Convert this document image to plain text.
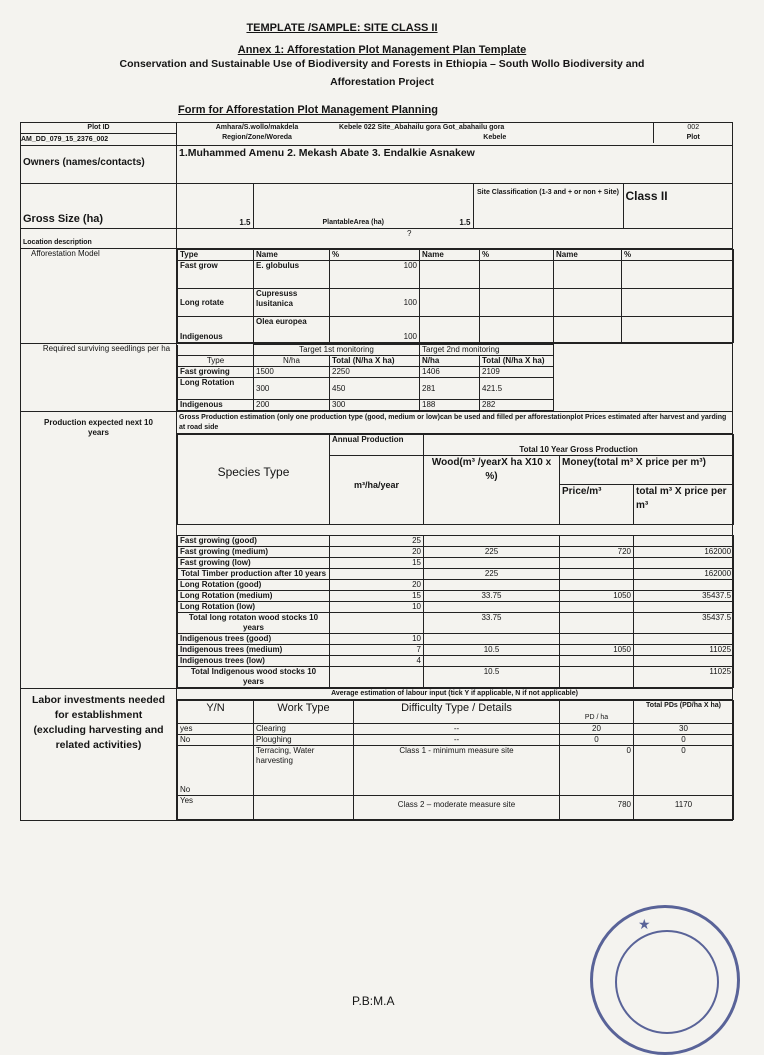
TEMPLATE /SAMPLE: SITE CLASS II
Annex 1: Afforestation Plot Management Plan Template
Conservation and Sustainable Use of Biodiversity and Forests in Ethiopia – South Wollo Biodiversity and
Afforestation Project
Form for Afforestation Plot Management Planning
Plot ID
AM_DD_079_15_2376_002

Amhara/S.wollo/makdela	Kebele 022 Site_Abahailu gora Got_abahailu gora	002
Region/Zone/Woreda	Kebele	Plot

Owners (names/contacts)	1.Muhammed Amenu 2. Mekash Abate 3. Endalkie Asnakew
Gross Size (ha)		1.5	PlantableArea (ha)	1.5	Site Classification (1-3 and + or non + Site)	Class II

Location description	?
Afforestation Model		Type	Name	%	Name	%	Name	%
Fast grow	E. globulus	100				
Long rotate	Cupresuss lusitanica	100				
Indigenous	Olea europea	100				

Required surviving seedlings per ha	
		Target 1st monitoring	Target 2nd monitoring	
Type	N/ha	Total (N/ha X ha)	N/ha	Total (N/ha X ha)
Fast growing	1500	2250	1406	2109
Long Rotation	300	450	281	421.5
Indigenous	200	300	188	282

Production expected next 10 years	
Gross Production estimation (only one production type (good, medium or low)can be used and filled per afforestationplot Prices estimated after harvest and yarding at road side
Species Type	Annual Production	Total 10 Year Gross Production
m³/ha/year	Wood(m³ /yearX ha X10 x %)	Money(total m³ X price per m³)
Price/m³	total m³ X price per m³

Fast growing (good)	25			
Fast growing (medium)	20	225	720	162000
Fast growing (low)	15			
Total Timber production after 10 years		225		162000
Long Rotation (good)	20			
Long Rotation (medium)	15	33.75	1050	35437.5
Long Rotation (low)	10			
Total long rotaton wood stocks 10 years		33.75		35437.5
Indigenous trees (good)	10			
Indigenous trees (medium)	7	10.5	1050	11025
Indigenous trees (low)	4			
Total Indigenous wood stocks 10 years		10.5		11025

Labor investments needed for establishment (excluding harvesting and related activities)	
Average estimation of labour input (tick Y if applicable, N if not applicable)
Y/N	Work Type	Difficulty Type / Details		Total PDs (PD/ha X ha)
PD / ha
yes	Clearing	--	20	30
No	Ploughing	--	0	0
No	Terracing, Water harvesting	Class 1 - minimum measure site	0	0
Yes		Class 2 – moderate measure site	780	1170
P.B:M.A
★
